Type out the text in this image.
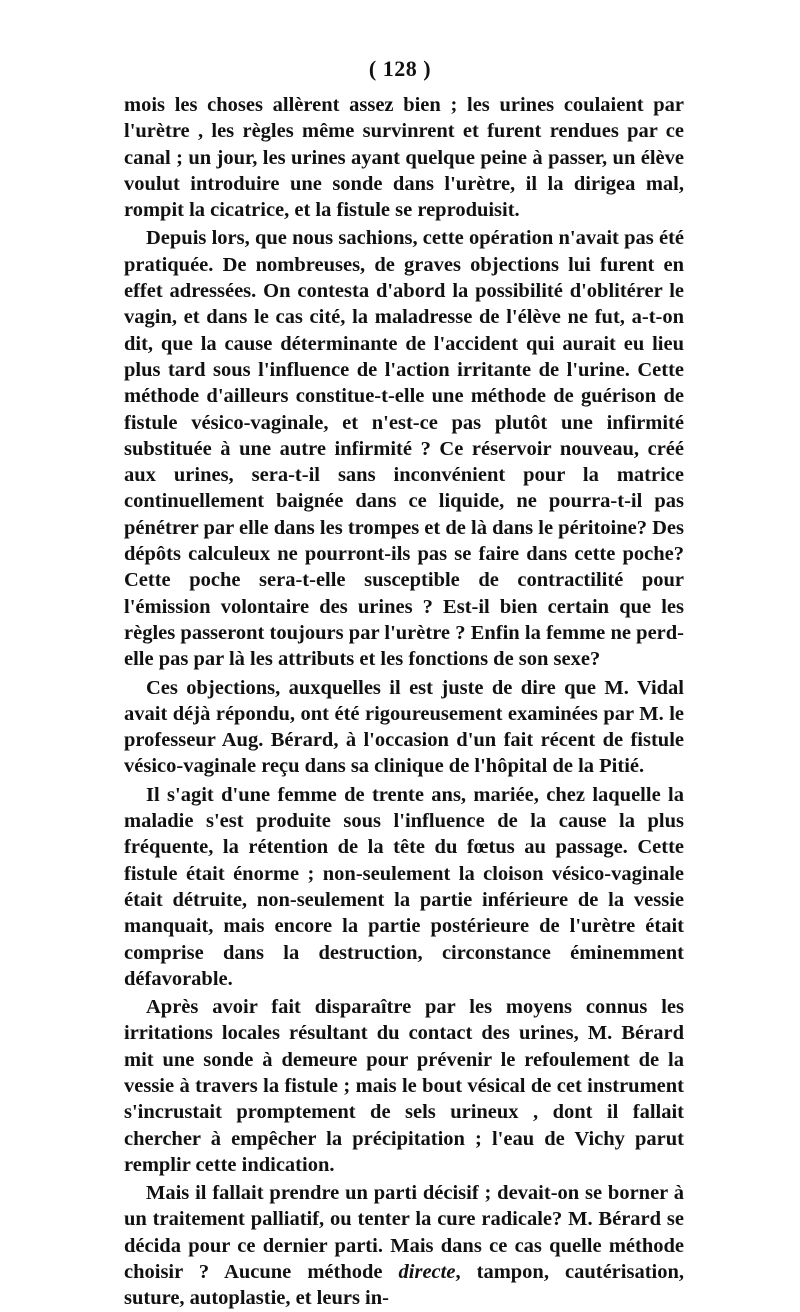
( 128 )

mois les choses allèrent assez bien ; les urines coulaient par l'urètre , les règles même survinrent et furent rendues par ce canal ; un jour, les urines ayant quelque peine à passer, un élève voulut introduire une sonde dans l'urètre, il la dirigea mal, rompit la cicatrice, et la fistule se reproduisit.

Depuis lors, que nous sachions, cette opération n'avait pas été pratiquée. De nombreuses, de graves objections lui furent en effet adressées. On contesta d'abord la possibilité d'oblitérer le vagin, et dans le cas cité, la maladresse de l'élève ne fut, a-t-on dit, que la cause déterminante de l'accident qui aurait eu lieu plus tard sous l'influence de l'action irritante de l'urine. Cette méthode d'ailleurs constitue-t-elle une méthode de guérison de fistule vésico-vaginale, et n'est-ce pas plutôt une infirmité substituée à une autre infirmité ? Ce réservoir nouveau, créé aux urines, sera-t-il sans inconvénient pour la matrice continuellement baignée dans ce liquide, ne pourra-t-il pas pénétrer par elle dans les trompes et de là dans le péritoine? Des dépôts calculeux ne pourront-ils pas se faire dans cette poche? Cette poche sera-t-elle susceptible de contractilité pour l'émission volontaire des urines ? Est-il bien certain que les règles passeront toujours par l'urètre ? Enfin la femme ne perd-elle pas par là les attributs et les fonctions de son sexe?

Ces objections, auxquelles il est juste de dire que M. Vidal avait déjà répondu, ont été rigoureusement examinées par M. le professeur Aug. Bérard, à l'occasion d'un fait récent de fistule vésico-vaginale reçu dans sa clinique de l'hôpital de la Pitié.

Il s'agit d'une femme de trente ans, mariée, chez laquelle la maladie s'est produite sous l'influence de la cause la plus fréquente, la rétention de la tête du fœtus au passage. Cette fistule était énorme ; non-seulement la cloison vésico-vaginale était détruite, non-seulement la partie inférieure de la vessie manquait, mais encore la partie postérieure de l'urètre était comprise dans la destruction, circonstance éminemment défavorable.

Après avoir fait disparaître par les moyens connus les irritations locales résultant du contact des urines, M. Bérard mit une sonde à demeure pour prévenir le refoulement de la vessie à travers la fistule ; mais le bout vésical de cet instrument s'incrustait promptement de sels urineux , dont il fallait chercher à empêcher la précipitation ; l'eau de Vichy parut remplir cette indication.

Mais il fallait prendre un parti décisif ; devait-on se borner à un traitement palliatif, ou tenter la cure radicale? M. Bérard se décida pour ce dernier parti. Mais dans ce cas quelle méthode choisir ? Aucune méthode directe, tampon, cautérisation, suture, autoplastie, et leurs in-
